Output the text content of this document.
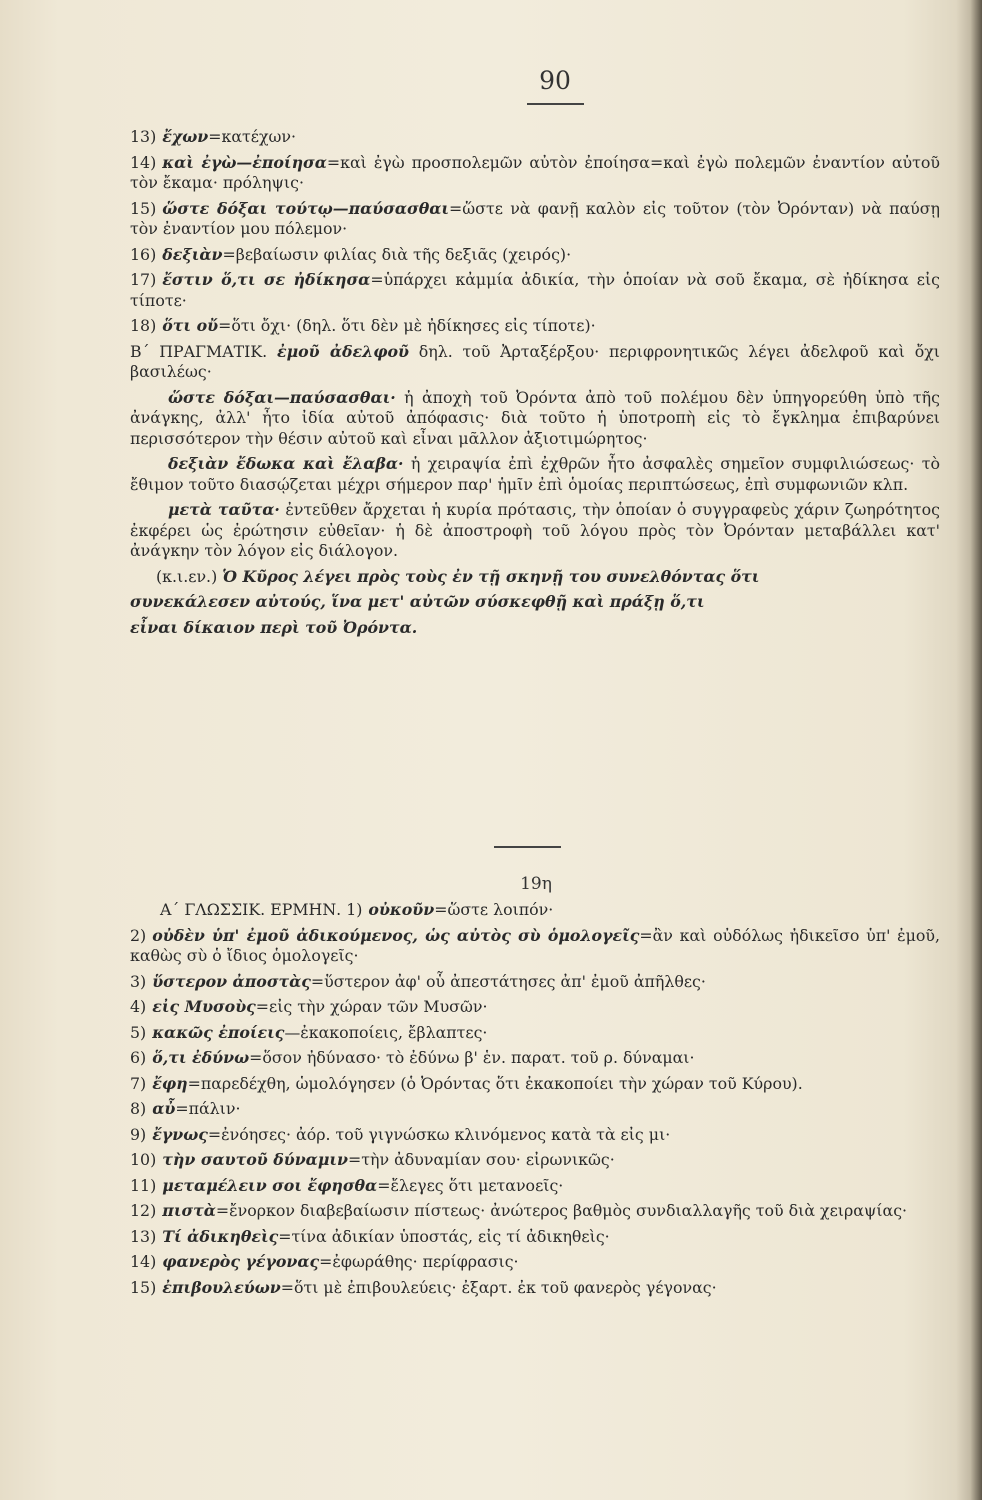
90

13) ἔχων=κατέχων·

14) καὶ ἐγὼ—ἐποίησα=καὶ ἐγὼ προσπολεμῶν αὐτὸν ἐποίησα=καὶ ἐγὼ πολεμῶν ἐναντίον αὐτοῦ τὸν ἔκαμα· πρόληψις·

15) ὥστε δόξαι τούτῳ—παύσασθαι=ὥστε νὰ φανῇ καλὸν εἰς τοῦτον (τὸν Ὀρόνταν) νὰ παύσῃ τὸν ἐναντίον μου πόλεμον·

16) δεξιὰν=βεβαίωσιν φιλίας διὰ τῆς δεξιᾶς (χειρός)·

17) ἔστιν ὅ,τι σε ἠδίκησα=ὑπάρχει κἀμμία ἀδικία, τὴν ὁποίαν νὰ σοῦ ἔκαμα, σὲ ἠδίκησα εἰς τίποτε·

18) ὅτι οὔ=ὅτι ὄχι· (δηλ. ὅτι δὲν μὲ ἠδίκησες εἰς τίποτε)·

Β΄ ΠΡΑΓΜΑΤΙΚ. ἐμοῦ ἀδελφοῦ δηλ. τοῦ Ἀρταξέρξου· περιφρονητικῶς λέγει ἀδελφοῦ καὶ ὄχι βασιλέως·

ὥστε δόξαι—παύσασθαι· ἡ ἀποχὴ τοῦ Ὀρόντα ἀπὸ τοῦ πολέμου δὲν ὑπηγορεύθη ὑπὸ τῆς ἀνάγκης, ἀλλ' ἦτο ἰδία αὐτοῦ ἀπόφασις· διὰ τοῦτο ἡ ὑποτροπὴ εἰς τὸ ἔγκλημα ἐπιβαρύνει περισσότερον τὴν θέσιν αὐτοῦ καὶ εἶναι μᾶλλον ἀξιοτιμώρητος·

δεξιὰν ἔδωκα καὶ ἔλαβα· ἡ χειραψία ἐπὶ ἐχθρῶν ἦτο ἀσφαλὲς σημεῖον συμφιλιώσεως· τὸ ἔθιμον τοῦτο διασῴζεται μέχρι σήμερον παρ' ἡμῖν ἐπὶ ὁμοίας περιπτώσεως, ἐπὶ συμφωνιῶν κλπ.

μετὰ ταῦτα· ἐντεῦθεν ἄρχεται ἡ κυρία πρότασις, τὴν ὁποίαν ὁ συγγραφεὺς χάριν ζωηρότητος ἐκφέρει ὡς ἐρώτησιν εὐθεῖαν· ἡ δὲ ἀποστροφὴ τοῦ λόγου πρὸς τὸν Ὀρόνταν μεταβάλλει κατ' ἀνάγκην τὸν λόγον εἰς διάλογον.

(κ.ι.εν.) Ὁ Κῦρος λέγει πρὸς τοὺς ἐν τῇ σκηνῇ του συνελθόντας ὅτι

συνεκάλεσεν αὐτούς, ἵνα μετ' αὐτῶν σύσκεφθῇ καὶ πράξῃ ὅ,τι

εἶναι δίκαιον περὶ τοῦ Ὀρόντα.

19η

Α΄ ΓΛΩΣΣΙΚ. ΕΡΜΗΝ. 1) οὐκοῦν=ὥστε λοιπόν·

2) οὐδὲν ὑπ' ἐμοῦ ἀδικούμενος, ὡς αὐτὸς σὺ ὁμολογεῖς=ἂν καὶ οὐδόλως ἠδικεῖσο ὑπ' ἐμοῦ, καθὼς σὺ ὁ ἴδιος ὁμολογεῖς·

3) ὕστερον ἀποστὰς=ὕστερον ἀφ' οὗ ἀπεστάτησες ἀπ' ἐμοῦ ἀπῆλθες·

4) εἰς Μυσοὺς=εἰς τὴν χώραν τῶν Μυσῶν·

5) κακῶς ἐποίεις—ἐκακοποίεις, ἔβλαπτες·

6) ὅ,τι ἐδύνω=ὅσον ἠδύνασο· τὸ ἐδύνω β' ἑν. παρατ. τοῦ ρ. δύναμαι·

7) ἔφη=παρεδέχθη, ὡμολόγησεν (ὁ Ὀρόντας ὅτι ἐκακοποίει τὴν χώραν τοῦ Κύρου).

8) αὖ=πάλιν·

9) ἔγνως=ἐνόησες· ἀόρ. τοῦ γιγνώσκω κλινόμενος κατὰ τὰ εἰς μι·

10) τὴν σαυτοῦ δύναμιν=τὴν ἀδυναμίαν σου· εἰρωνικῶς·

11) μεταμέλειν σοι ἔφησθα=ἔλεγες ὅτι μετανοεῖς·

12) πιστὰ=ἔνορκον διαβεβαίωσιν πίστεως· ἀνώτερος βαθμὸς συνδιαλλαγῆς τοῦ διὰ χειραψίας·

13) Τί ἀδικηθεὶς=τίνα ἀδικίαν ὑποστάς, εἰς τί ἀδικηθεὶς·

14) φανερὸς γέγονας=ἐφωράθης· περίφρασις·

15) ἐπιβουλεύων=ὅτι μὲ ἐπιβουλεύεις· ἐξαρτ. ἐκ τοῦ φανερὸς γέγονας·
